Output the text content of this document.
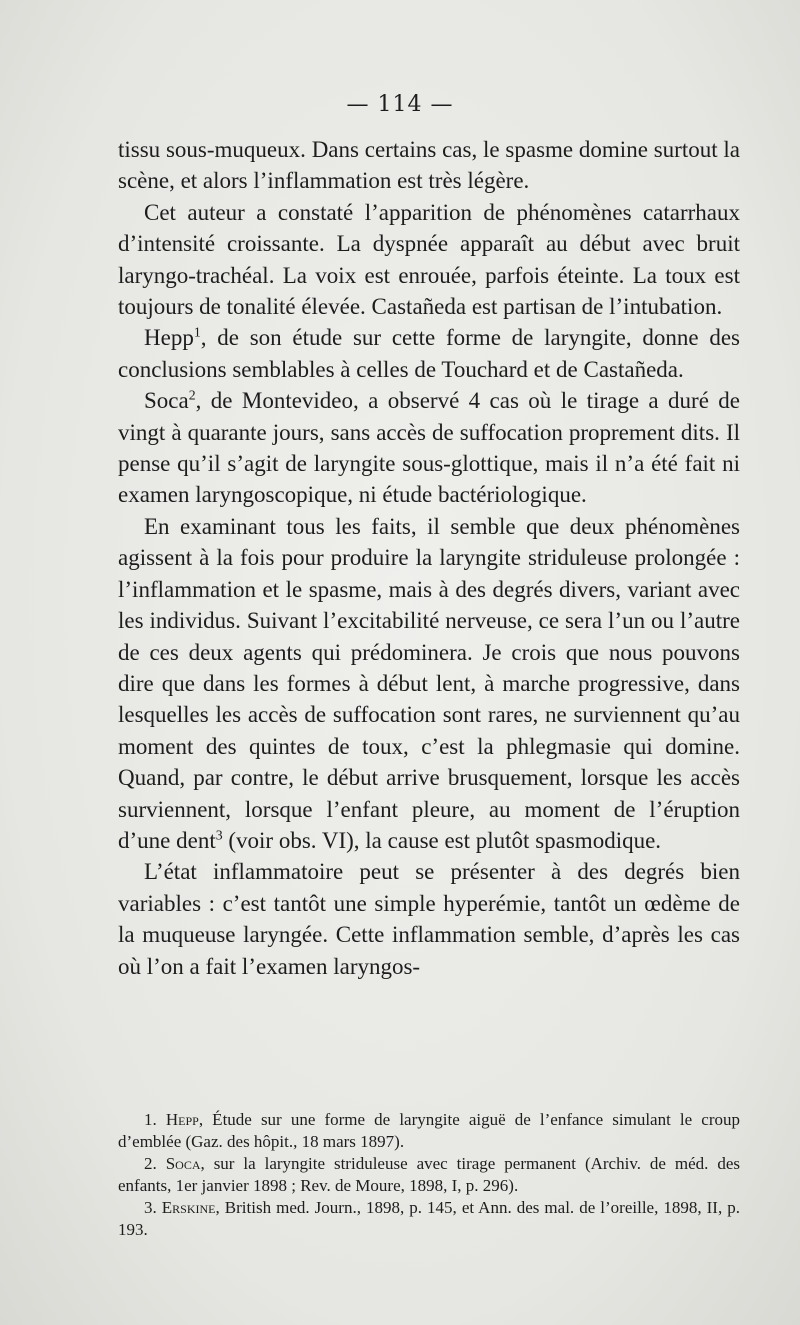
— 114 —

tissu sous-muqueux. Dans certains cas, le spasme domine surtout la scène, et alors l’inflammation est très légère.

Cet auteur a constaté l’apparition de phénomènes catarrhaux d’intensité croissante. La dyspnée apparaît au début avec bruit laryngo-trachéal. La voix est enrouée, parfois éteinte. La toux est toujours de tonalité élevée. Castañeda est partisan de l’intubation.

Hepp$^1$, de son étude sur cette forme de laryngite, donne des conclusions semblables à celles de Touchard et de Castañeda.

Soca$^2$, de Montevideo, a observé 4 cas où le tirage a duré de vingt à quarante jours, sans accès de suffocation proprement dits. Il pense qu’il s’agit de laryngite sous-glottique, mais il n’a été fait ni examen laryngoscopique, ni étude bactériologique.

En examinant tous les faits, il semble que deux phénomènes agissent à la fois pour produire la laryngite striduleuse prolongée : l’inflammation et le spasme, mais à des degrés divers, variant avec les individus. Suivant l’excitabilité nerveuse, ce sera l’un ou l’autre de ces deux agents qui prédominera. Je crois que nous pouvons dire que dans les formes à début lent, à marche progressive, dans lesquelles les accès de suffocation sont rares, ne surviennent qu’au moment des quintes de toux, c’est la phlegmasie qui domine. Quand, par contre, le début arrive brusquement, lorsque les accès surviennent, lorsque l’enfant pleure, au moment de l’éruption d’une dent$^3$ (voir obs. VI), la cause est plutôt spasmodique.

L’état inflammatoire peut se présenter à des degrés bien variables : c’est tantôt une simple hyperémie, tantôt un œdème de la muqueuse laryngée. Cette inflammation semble, d’après les cas où l’on a fait l’examen laryngos-

1. Hepp, Étude sur une forme de laryngite aiguë de l’enfance simulant le croup d’emblée (Gaz. des hôpit., 18 mars 1897).

2. Soca, sur la laryngite striduleuse avec tirage permanent (Archiv. de méd. des enfants, 1er janvier 1898 ; Rev. de Moure, 1898, I, p. 296).

3. Erskine, British med. Journ., 1898, p. 145, et Ann. des mal. de l’oreille, 1898, II, p. 193.
